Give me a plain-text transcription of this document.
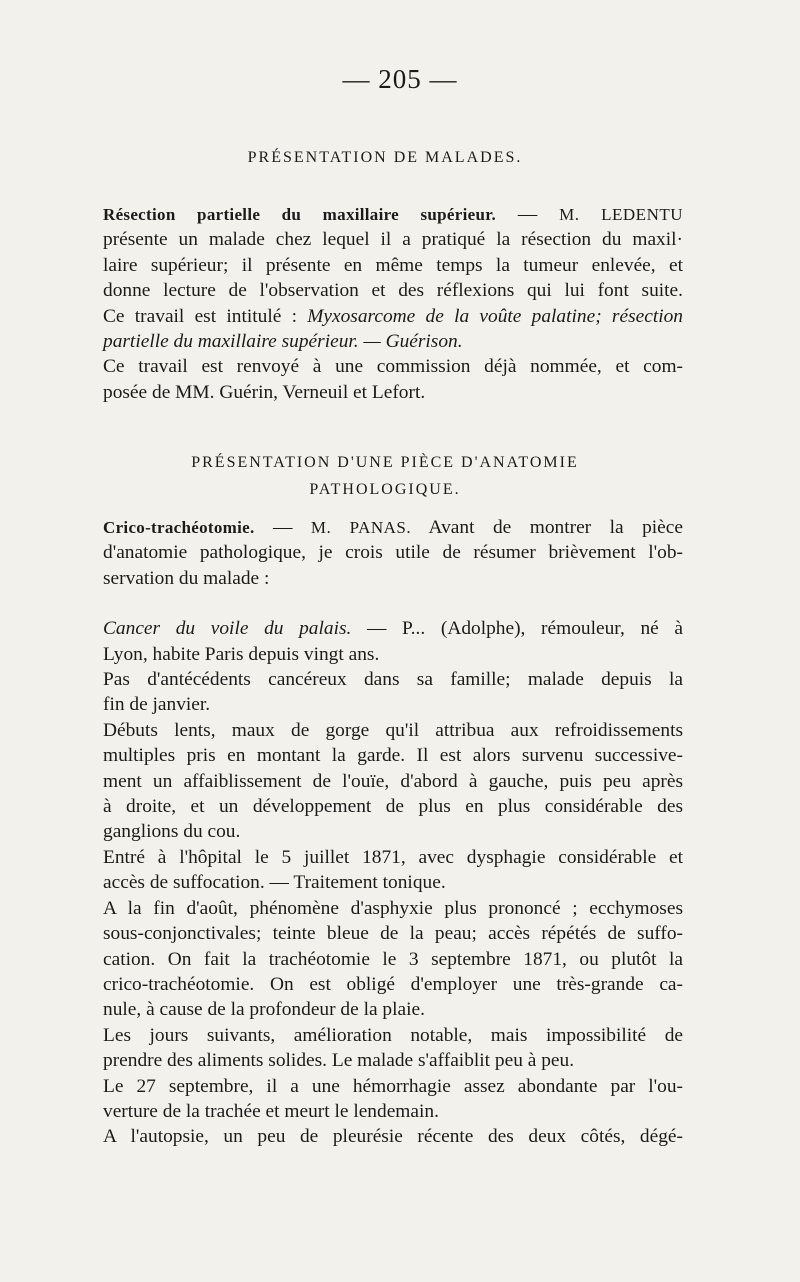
— 205 —
PRÉSENTATION DE MALADES.
Résection partielle du maxillaire supérieur. — M. LEDENTU
présente un malade chez lequel il a pratiqué la résection du maxil·
laire supérieur; il présente en même temps la tumeur enlevée, et
donne lecture de l'observation et des réflexions qui lui font suite.
Ce travail est intitulé : Myxosarcome de la voûte palatine; résection
partielle du maxillaire supérieur. — Guérison.
Ce travail est renvoyé à une commission déjà nommée, et com-
posée de MM. Guérin, Verneuil et Lefort.
PRÉSENTATION D'UNE PIÈCE D'ANATOMIE
PATHOLOGIQUE.
Crico-trachéotomie. — M. PANAS. Avant de montrer la pièce
d'anatomie pathologique, je crois utile de résumer brièvement l'ob-
servation du malade :
Cancer du voile du palais. — P... (Adolphe), rémouleur, né à
Lyon, habite Paris depuis vingt ans.
Pas d'antécédents cancéreux dans sa famille; malade depuis la
fin de janvier.
Débuts lents, maux de gorge qu'il attribua aux refroidissements
multiples pris en montant la garde. Il est alors survenu successive-
ment un affaiblissement de l'ouïe, d'abord à gauche, puis peu après
à droite, et un développement de plus en plus considérable des
ganglions du cou.
Entré à l'hôpital le 5 juillet 1871, avec dysphagie considérable et
accès de suffocation. — Traitement tonique.
A la fin d'août, phénomène d'asphyxie plus prononcé ; ecchymoses
sous-conjonctivales; teinte bleue de la peau; accès répétés de suffo-
cation. On fait la trachéotomie le 3 septembre 1871, ou plutôt la
crico-trachéotomie. On est obligé d'employer une très-grande ca-
nule, à cause de la profondeur de la plaie.
Les jours suivants, amélioration notable, mais impossibilité de
prendre des aliments solides. Le malade s'affaiblit peu à peu.
Le 27 septembre, il a une hémorrhagie assez abondante par l'ou-
verture de la trachée et meurt le lendemain.
A l'autopsie, un peu de pleurésie récente des deux côtés, dégé-
